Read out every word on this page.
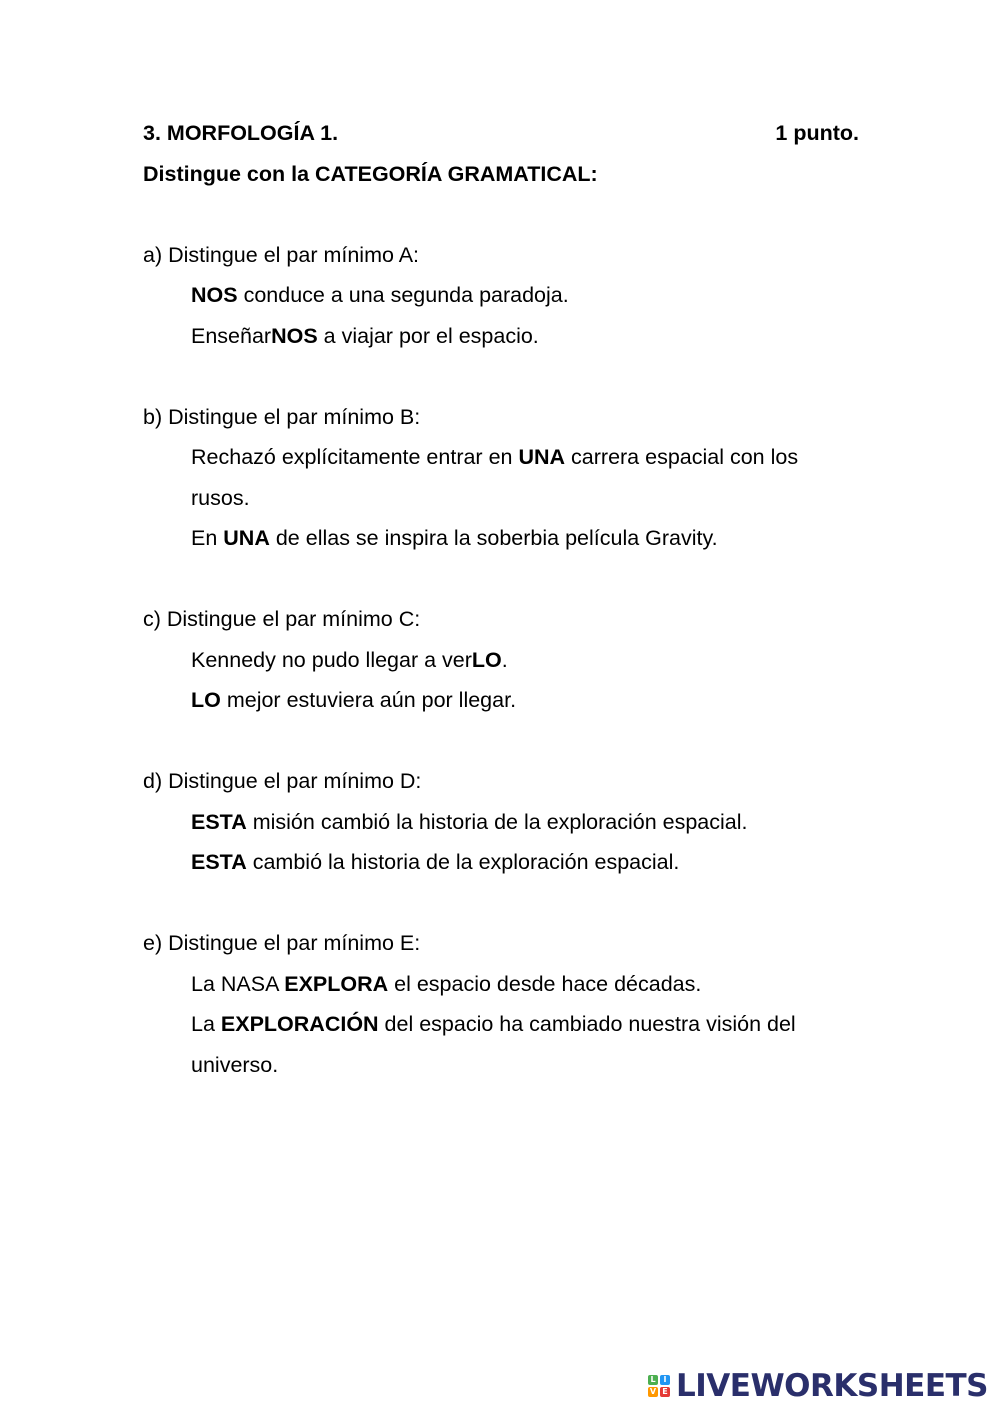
3. MORFOLOGÍA 1.	1 punto.
Distingue con la CATEGORÍA GRAMATICAL:
a) Distingue el par mínimo A:
NOS conduce a una segunda paradoja.
EnseñarNOS a viajar por el espacio.
b) Distingue el par mínimo B:
Rechazó explícitamente entrar en UNA carrera espacial con los rusos.
En UNA de ellas se inspira la soberbia película Gravity.
c) Distingue el par mínimo C:
Kennedy no pudo llegar a verLO.
LO mejor estuviera aún por llegar.
d) Distingue el par mínimo D:
ESTA misión cambió la historia de la exploración espacial.
ESTA cambió la historia de la exploración espacial.
e) Distingue el par mínimo E:
La NASA EXPLORA el espacio desde hace décadas.
La EXPLORACIÓN del espacio ha cambiado nuestra visión del universo.
L I
V E LIVEWORKSHEETS
